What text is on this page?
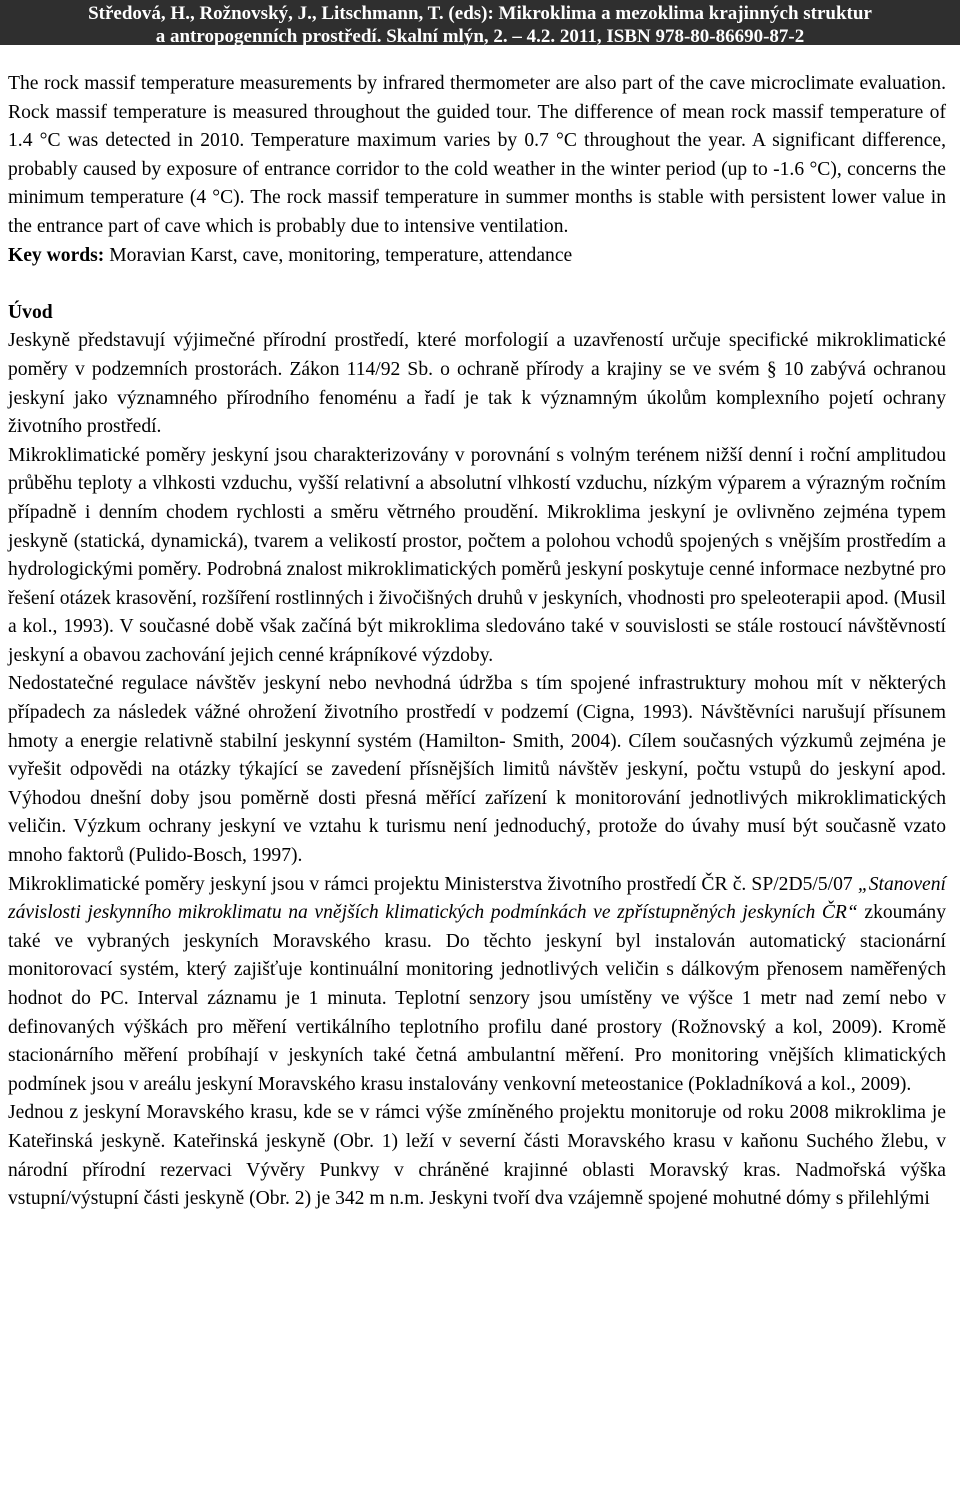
Středová, H., Rožnovský, J., Litschmann, T. (eds): Mikroklima a mezoklima krajinných struktur
a antropogenních prostředí. Skalní mlýn, 2. – 4.2. 2011, ISBN 978-80-86690-87-2

The rock massif temperature measurements by infrared thermometer are also part of the cave microclimate evaluation. Rock massif temperature is measured throughout the guided tour. The difference of mean rock massif temperature of 1.4 °C was detected in 2010. Temperature maximum varies by 0.7 °C throughout the year. A significant difference, probably caused by exposure of entrance corridor to the cold weather in the winter period (up to -1.6 °C), concerns the minimum temperature (4 °C). The rock massif temperature in summer months is stable with persistent lower value in the entrance part of cave which is probably due to intensive ventilation.

Key words: Moravian Karst, cave, monitoring, temperature, attendance

Úvod

Jeskyně představují výjimečné přírodní prostředí, které morfologií a uzavřeností určuje specifické mikroklimatické poměry v podzemních prostorách. Zákon 114/92 Sb. o ochraně přírody a krajiny se ve svém § 10 zabývá ochranou jeskyní jako významného přírodního fenoménu a řadí je tak k významným úkolům komplexního pojetí ochrany životního prostředí.

Mikroklimatické poměry jeskyní jsou charakterizovány v porovnání s volným terénem nižší denní i roční amplitudou průběhu teploty a vlhkosti vzduchu, vyšší relativní a absolutní vlhkostí vzduchu, nízkým výparem a výrazným ročním případně i denním chodem rychlosti a směru větrného proudění. Mikroklima jeskyní je ovlivněno zejména typem jeskyně (statická, dynamická), tvarem a velikostí prostor, počtem a polohou vchodů spojených s vnějším prostředím a hydrologickými poměry. Podrobná znalost mikroklimatických poměrů jeskyní poskytuje cenné informace nezbytné pro řešení otázek krasovění, rozšíření rostlinných i živočišných druhů v jeskyních, vhodnosti pro speleoterapii apod. (Musil a kol., 1993). V současné době však začíná být mikroklima sledováno také v souvislosti se stále rostoucí návštěvností jeskyní a obavou zachování jejich cenné krápníkové výzdoby.

Nedostatečné regulace návštěv jeskyní nebo nevhodná údržba s tím spojené infrastruktury mohou mít v některých případech za následek vážné ohrožení životního prostředí v podzemí (Cigna, 1993). Návštěvníci narušují přísunem hmoty a energie relativně stabilní jeskynní systém (Hamilton- Smith, 2004). Cílem současných výzkumů zejména je vyřešit odpovědi na otázky týkající se zavedení přísnějších limitů návštěv jeskyní, počtu vstupů do jeskyní apod. Výhodou dnešní doby jsou poměrně dosti přesná měřící zařízení k monitorování jednotlivých mikroklimatických veličin. Výzkum ochrany jeskyní ve vztahu k turismu není jednoduchý, protože do úvahy musí být současně vzato mnoho faktorů (Pulido-Bosch, 1997).

Mikroklimatické poměry jeskyní jsou v rámci projektu Ministerstva životního prostředí ČR č. SP/2D5/5/07 „Stanovení závislosti jeskynního mikroklimatu na vnějších klimatických podmínkách ve zpřístupněných jeskyních ČR“ zkoumány také ve vybraných jeskyních Moravského krasu. Do těchto jeskyní byl instalován automatický stacionární monitorovací systém, který zajišťuje kontinuální monitoring jednotlivých veličin s dálkovým přenosem naměřených hodnot do PC. Interval záznamu je 1 minuta. Teplotní senzory jsou umístěny ve výšce 1 metr nad zemí nebo v definovaných výškách pro měření vertikálního teplotního profilu dané prostory (Rožnovský a kol, 2009). Kromě stacionárního měření probíhají v jeskyních také četná ambulantní měření. Pro monitoring vnějších klimatických podmínek jsou v areálu jeskyní Moravského krasu instalovány venkovní meteostanice (Pokladníková a kol., 2009).

Jednou z jeskyní Moravského krasu, kde se v rámci výše zmíněného projektu monitoruje od roku 2008 mikroklima je Kateřinská jeskyně. Kateřinská jeskyně (Obr. 1) leží v severní části Moravského krasu v kaňonu Suchého žlebu, v národní přírodní rezervaci Vývěry Punkvy v chráněné krajinné oblasti Moravský kras. Nadmořská výška vstupní/výstupní části jeskyně (Obr. 2) je 342 m n.m. Jeskyni tvoří dva vzájemně spojené mohutné dómy s přilehlými
